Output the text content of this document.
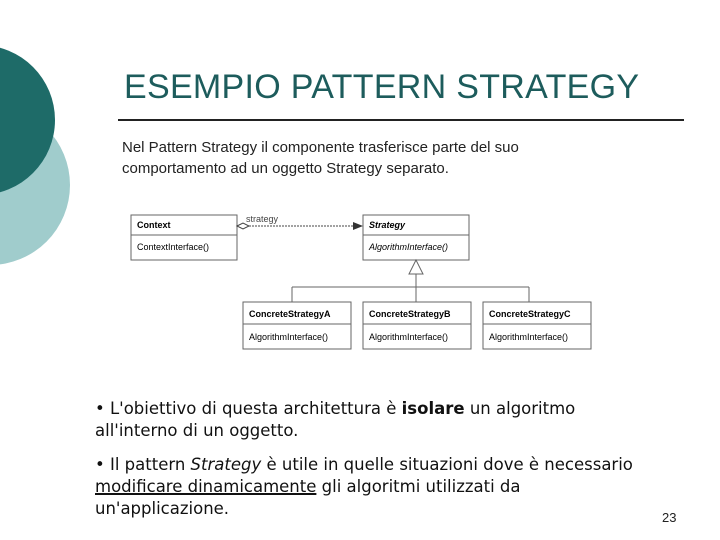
ESEMPIO PATTERN STRATEGY
Nel Pattern Strategy il componente trasferisce parte del suo
comportamento ad un oggetto Strategy separato.
Context
ContextInterface()
strategy
Strategy
AlgorithmInterface()
ConcreteStrategyA
AlgorithmInterface()
ConcreteStrategyB
AlgorithmInterface()
ConcreteStrategyC
AlgorithmInterface()
• L'obiettivo di questa architettura è isolare un algoritmo
all'interno di un oggetto.
• Il pattern Strategy è utile in quelle situazioni dove è necessario
modificare dinamicamente gli algoritmi utilizzati da
un'applicazione.	23
